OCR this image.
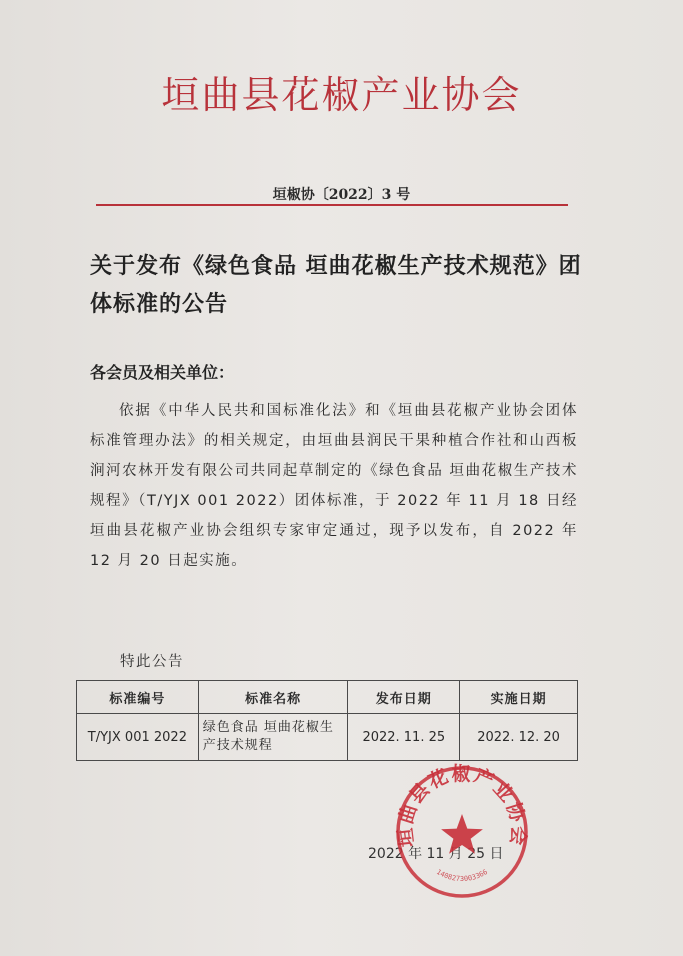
垣曲县花椒产业协会
垣椒协〔2022〕3 号
关于发布《绿色食品 垣曲花椒生产技术规范》团体标准的公告
各会员及相关单位：
依据《中华人民共和国标准化法》和《垣曲县花椒产业协会团体标准管理办法》的相关规定，由垣曲县润民干果种植合作社和山西板涧河农林开发有限公司共同起草制定的《绿色食品 垣曲花椒生产技术规程》（T/YJX 001 2022）团体标准，于 2022 年 11 月 18 日经垣曲县花椒产业协会组织专家审定通过，现予以发布，自 2022 年 12 月 20 日起实施。
特此公告
标准编号	标准名称	发布日期	实施日期
T/YJX 001 2022	绿色食品 垣曲花椒生产技术规程	2022. 11. 25	2022. 12. 20
2022 年 11 月 25 日
垣曲县花椒产业协会
1408273003366
